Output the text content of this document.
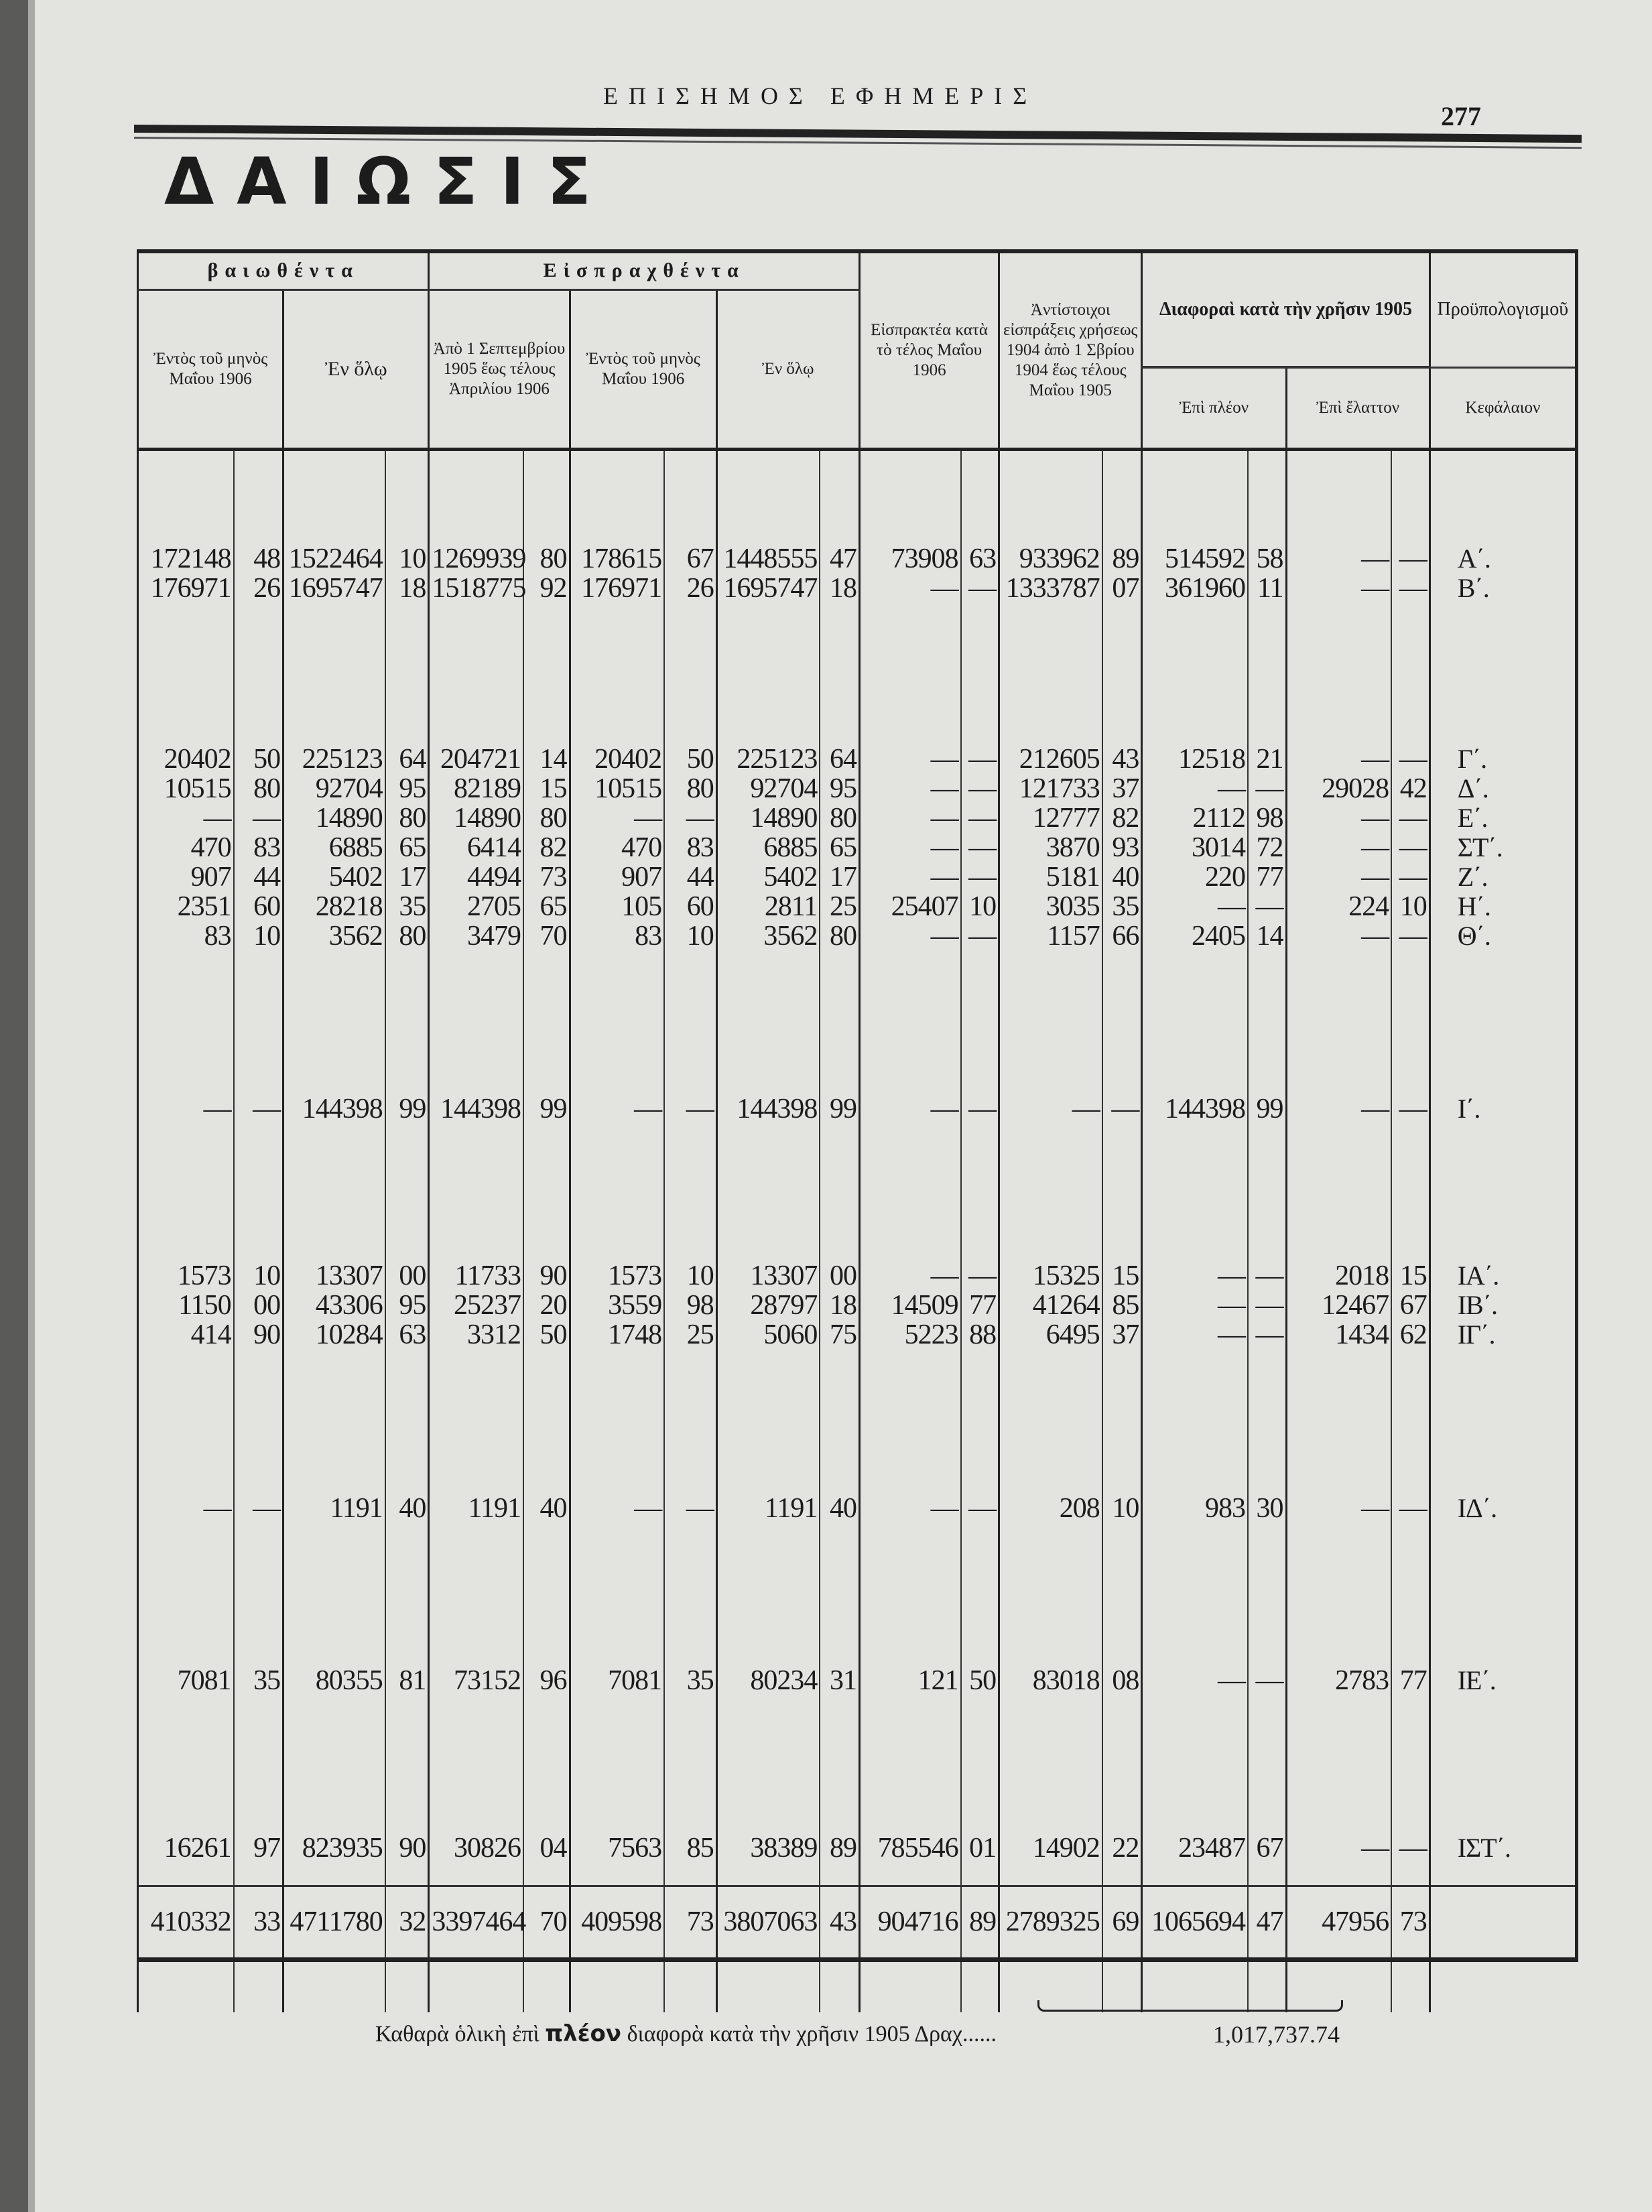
ΕΠΙΣΗΜΟΣ ΕΦΗΜΕΡΙΣ
277
ΔΑΙΩΣΙΣ
βαιωθέντα				Εἰσπραχθέντα						Εἰσπρακτέα κατὰ τὸ τέλος Μαΐου 1906		Ἀντίστοιχοι εἰσπράξεις χρήσεως 1904 ἀπὸ 1 Σβρίου 1904 ἕως τέλους Μαΐου 1905		Διαφοραὶ κατὰ τὴν χρῆσιν 1905				Προϋπολογισμοῦ
Ἐντὸς τοῦ μηνὸς Μαΐου 1906		Ἐν ὅλῳ		Ἀπὸ 1 Σεπτεμβρίου 1905 ἕως τέλους Ἀπριλίου 1906		Ἐντὸς τοῦ μηνὸς Μαΐου 1906		Ἐν ὅλῳ										
														Ἐπὶ πλέον		Ἐπὶ ἔλαττον		Κεφάλαιον

172148	48	1522464	10	1269939	80	178615	67	1448555	47	73908	63	933962	89	514592	58	—	—	Α΄.
176971	26	1695747	18	1518775	92	176971	26	1695747	18	—	—	1333787	07	361960	11	—	—	Β΄.

20402	50	225123	64	204721	14	20402	50	225123	64	—	—	212605	43	12518	21	—	—	Γ΄.
10515	80	92704	95	82189	15	10515	80	92704	95	—	—	121733	37	—	—	29028	42	Δ΄.
—	—	14890	80	14890	80	—	—	14890	80	—	—	12777	82	2112	98	—	—	Ε΄.
470	83	6885	65	6414	82	470	83	6885	65	—	—	3870	93	3014	72	—	—	ΣΤ΄.
907	44	5402	17	4494	73	907	44	5402	17	—	—	5181	40	220	77	—	—	Ζ΄.
2351	60	28218	35	2705	65	105	60	2811	25	25407	10	3035	35	—	—	224	10	Η΄.
83	10	3562	80	3479	70	83	10	3562	80	—	—	1157	66	2405	14	—	—	Θ΄.

—	—	144398	99	144398	99	—	—	144398	99	—	—	—	—	144398	99	—	—	Ι΄.

1573	10	13307	00	11733	90	1573	10	13307	00	—	—	15325	15	—	—	2018	15	ΙΑ΄.
1150	00	43306	95	25237	20	3559	98	28797	18	14509	77	41264	85	—	—	12467	67	ΙΒ΄.
414	90	10284	63	3312	50	1748	25	5060	75	5223	88	6495	37	—	—	1434	62	ΙΓ΄.

—	—	1191	40	1191	40	—	—	1191	40	—	—	208	10	983	30	—	—	ΙΔ΄.

7081	35	80355	81	73152	96	7081	35	80234	31	121	50	83018	08	—	—	2783	77	ΙΕ΄.

16261	97	823935	90	30826	04	7563	85	38389	89	785546	01	14902	22	23487	67	—	—	ΙΣΤ΄.

410332	33	4711780	32	3397464	70	409598	73	3807063	43	904716	89	2789325	69	1065694	47	47956	73	

Καθαρὰ ὁλικὴ ἐπὶ πλέον διαφορὰ κατὰ τὴν χρῆσιν 1905 Δραχ......	1,017,737.74
